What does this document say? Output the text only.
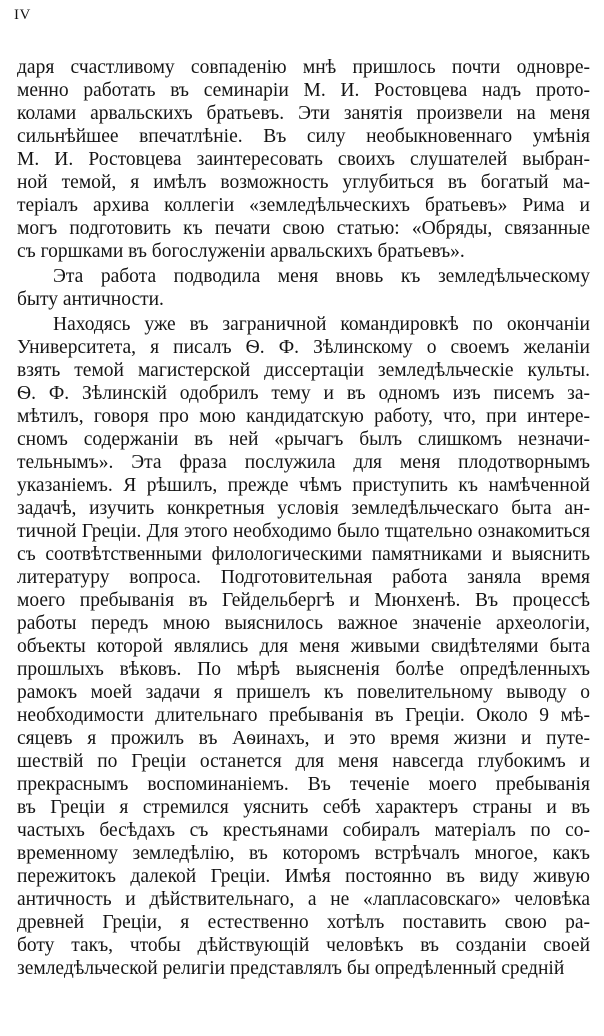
IV

даря счастливому совпаденію мнѣ пришлось почти одновре-
менно работать въ семинаріи М. И. Ростовцева надъ прото-
колами арвальскихъ братьевъ. Эти занятія произвели на меня
сильнѣйшее впечатлѣніе. Въ силу необыкновеннаго умѣнія
М. И. Ростовцева заинтересовать своихъ слушателей выбран-
ной темой, я имѣлъ возможность углубиться въ богатый ма-
теріалъ архива коллегіи «земледѣльческихъ братьевъ» Рима и
могъ подготовить къ печати свою статью: «Обряды, связанные
съ горшками въ богослуженіи арвальскихъ братьевъ».
Эта работа подводила меня вновь къ земледѣльческому
быту античности.
Находясь уже въ заграничной командировкѣ по окончаніи
Университета, я писалъ Ѳ. Ф. Зѣлинскому о своемъ желаніи
взять темой магистерской диссертаціи земледѣльческіе культы.
Ѳ. Ф. Зѣлинскій одобрилъ тему и въ одномъ изъ писемъ за-
мѣтилъ, говоря про мою кандидатскую работу, что, при интере-
сномъ содержаніи въ ней «рычагъ былъ слишкомъ незначи-
тельнымъ». Эта фраза послужила для меня плодотворнымъ
указаніемъ. Я рѣшилъ, прежде чѣмъ приступить къ намѣченной
задачѣ, изучить конкретныя условія земледѣльческаго быта ан-
тичной Греціи. Для этого необходимо было тщательно ознакомиться
съ соотвѣтственными филологическими памятниками и выяснить
литературу вопроса. Подготовительная работа заняла время
моего пребыванія въ Гейдельбергѣ и Мюнхенѣ. Въ процессѣ
работы передъ мною выяснилось важное значеніе археологіи,
объекты которой являлись для меня живыми свидѣтелями быта
прошлыхъ вѣковъ. По мѣрѣ выясненія болѣе опредѣленныхъ
рамокъ моей задачи я пришелъ къ повелительному выводу о
необходимости длительнаго пребыванія въ Греціи. Около 9 мѣ-
сяцевъ я прожилъ въ Аѳинахъ, и это время жизни и путе-
шествій по Греціи останется для меня навсегда глубокимъ и
прекраснымъ воспоминаніемъ. Въ теченіе моего пребыванія
въ Греціи я стремился уяснить себѣ характеръ страны и въ
частыхъ бесѣдахъ съ крестьянами собиралъ матеріалъ по со-
временному земледѣлію, въ которомъ встрѣчалъ многое, какъ
пережитокъ далекой Греціи. Имѣя постоянно въ виду живую
античность и дѣйствительнаго, а не «лапласовскаго» человѣка
древней Греціи, я естественно хотѣлъ поставить свою ра-
боту такъ, чтобы дѣйствующій человѣкъ въ созданіи своей
земледѣльческой религіи представлялъ бы опредѣленный средній
